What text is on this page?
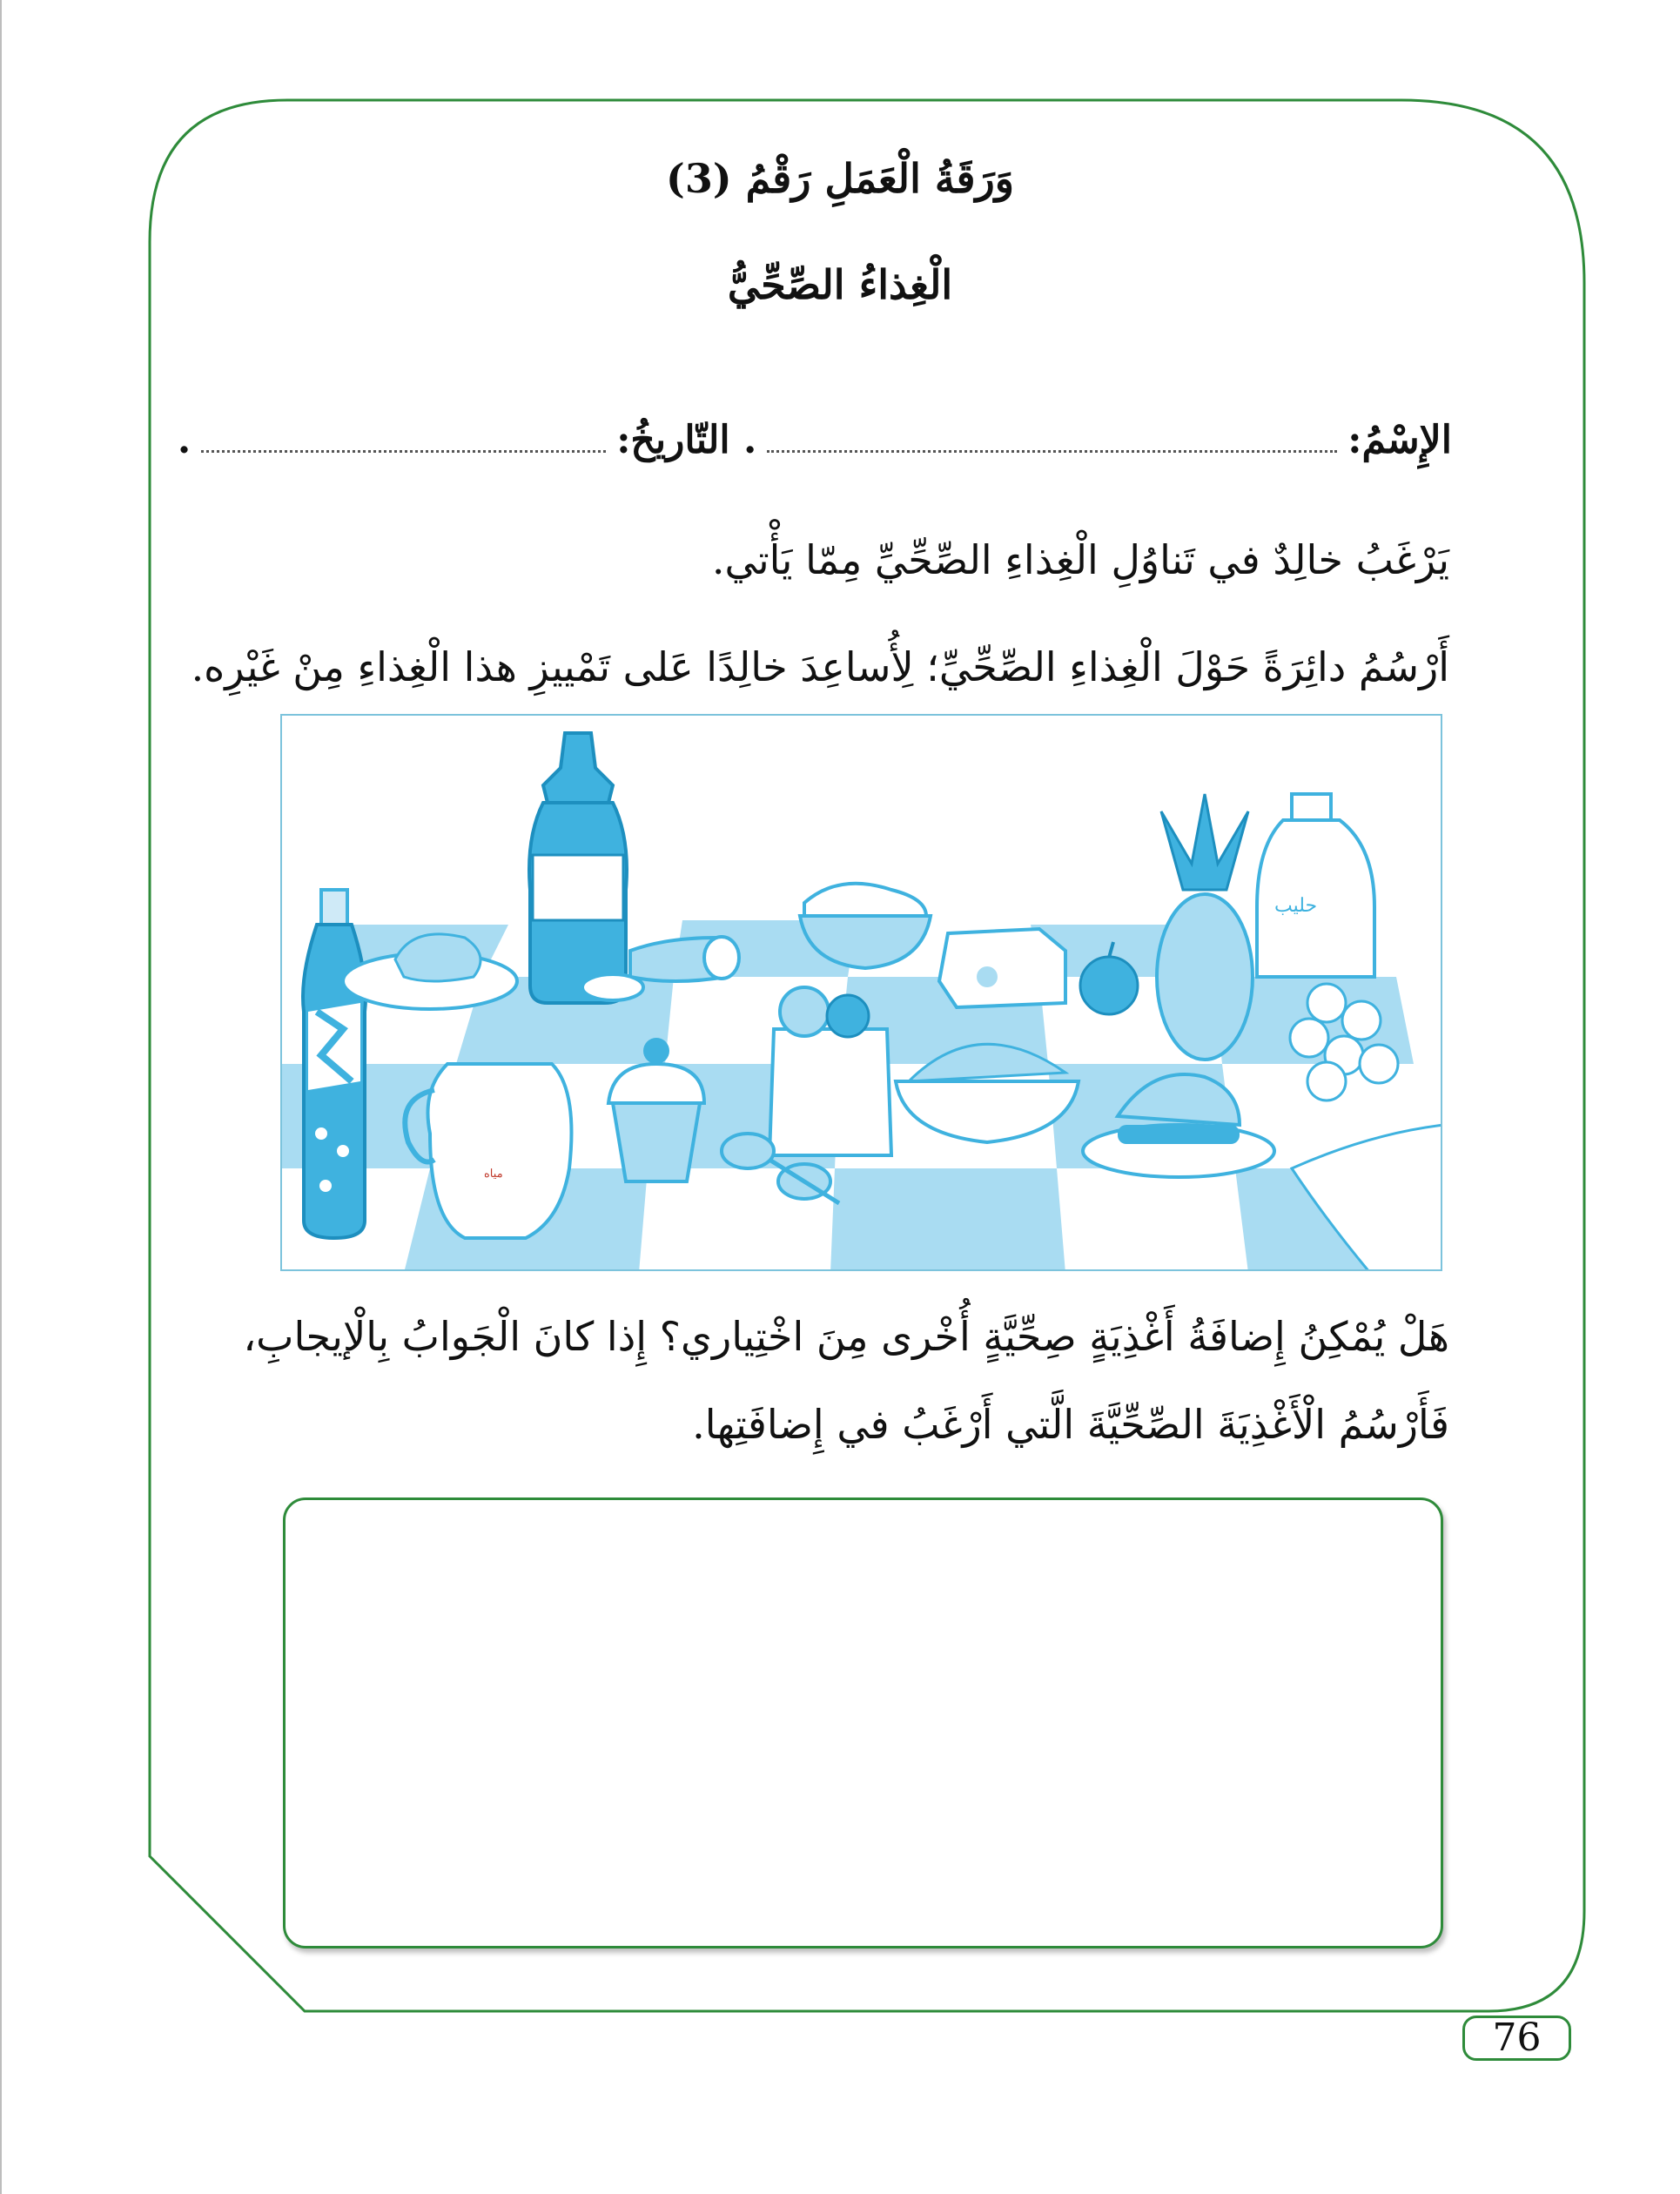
وَرَقَةُ الْعَمَلِ رَقْمُ (3)
الْغِذاءُ الصِّحِّيُّ
الإِسْمُ:
. التّاريخُ:
.
يَرْغَبُ خالِدٌ في تَناوُلِ الْغِذاءِ الصِّحِّيِّ مِمّا يَأْتي.
أَرْسُمُ دائِرَةً حَوْلَ الْغِذاءِ الصِّحِّيِّ؛ لِأُساعِدَ خالِدًا عَلى تَمْييزِ هذا الْغِذاءِ مِنْ غَيْرِه.
مياه
حليب
هَلْ يُمْكِنُ إِضافَةُ أَغْذِيَةٍ صِحِّيَّةٍ أُخْرى مِنَ اخْتِياري؟ إِذا كانَ الْجَوابُ بِالْإيجابِ، فَأَرْسُمُ الْأَغْذِيَةَ الصِّحِّيَّةَ الَّتي أَرْغَبُ في إِضافَتِها.
76
